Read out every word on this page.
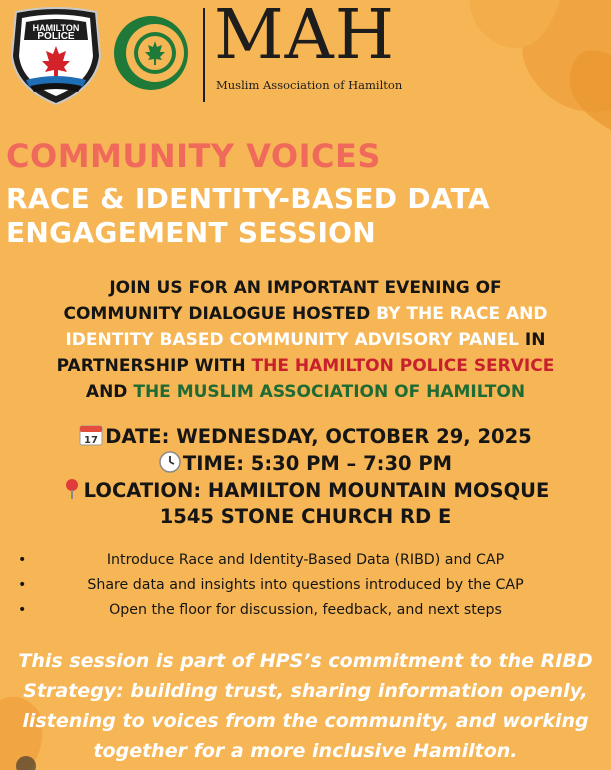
HAMILTON
POLICE MAH
Muslim Association of Hamilton
COMMUNITY VOICES
RACE & IDENTITY-BASED DATA
ENGAGEMENT SESSION
JOIN US FOR AN IMPORTANT EVENING OF
COMMUNITY DIALOGUE HOSTED BY THE RACE AND
IDENTITY BASED COMMUNITY ADVISORY PANEL IN
PARTNERSHIP WITH THE HAMILTON POLICE SERVICE
AND THE MUSLIM ASSOCIATION OF HAMILTON
17 DATE: WEDNESDAY, OCTOBER 29, 2025
TIME: 5:30 PM – 7:30 PM
LOCATION: HAMILTON MOUNTAIN MOSQUE
1545 STONE CHURCH RD E
•	Introduce Race and Identity-Based Data (RIBD) and CAP
•	Share data and insights into questions introduced by the CAP
•	Open the floor for discussion, feedback, and next steps
This session is part of HPS’s commitment to the RIBD
Strategy: building trust, sharing information openly,
listening to voices from the community, and working
together for a more inclusive Hamilton.
